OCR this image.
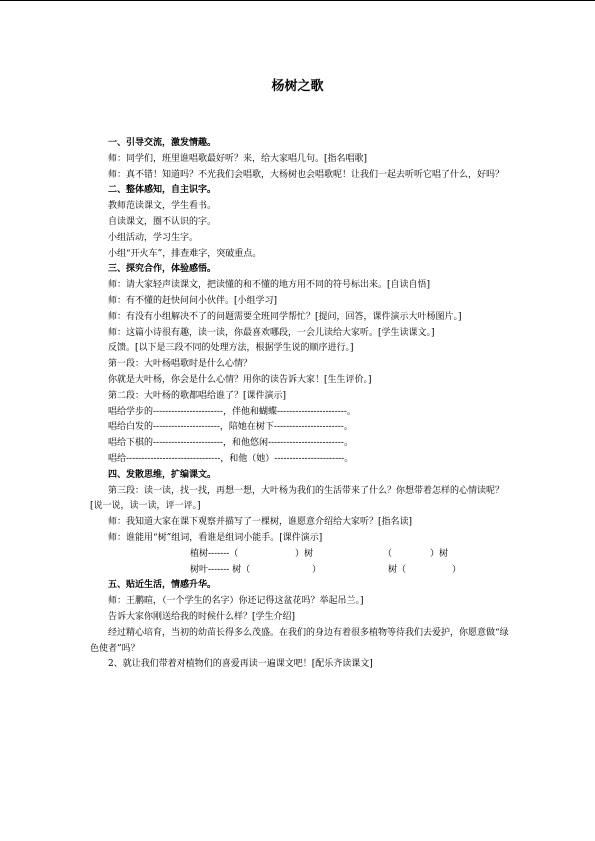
杨树之歌
一、引导交流，激发情趣。
师：同学们，班里谁唱歌最好听？来，给大家唱几句。[指名唱歌]
师：真不错！知道吗？不光我们会唱歌，大杨树也会唱歌呢！让我们一起去听听它唱了什么，好吗？
二、整体感知，自主识字。
教师范读课文，学生看书。
自读课文，圈不认识的字。
小组活动，学习生字。
小组“开火车”，排查难字，突破重点。
三、探究合作，体验感悟。
师：请大家轻声读课文，把读懂的和不懂的地方用不同的符号标出来。[自读自悟]
师：有不懂的赶快问问小伙伴。[小组学习]
师：有没有小组解决不了的问题需要全班同学帮忙？[提问，回答，课件演示大叶杨图片。]
师：这篇小诗很有趣，读一读，你最喜欢哪段，一会儿读给大家听。[学生读课文。]
反馈。[以下是三段不同的处理方法，根据学生说的顺序进行。]
第一段：大叶杨唱歌时是什么心情？
你就是大叶杨，你会是什么心情？用你的读告诉大家！[生生评价。]
第二段：大叶杨的歌都唱给谁了？[课件演示]
唱给学步的-----------------------，伴他和蝴蝶-----------------------。
唱给白发的----------------------，陪她在树下-----------------------。
唱给下棋的-----------------------，和他悠闲-------------------------。
唱给-------------------------------，和他（她）-----------------------。
四、发散思维，扩编课文。
第三段：读一读，找一找，再想一想，大叶杨为我们的生活带来了什么？你想带着怎样的心情读呢？[说一说，读一读，评一评。]
师：我知道大家在课下观察并描写了一棵树，谁愿意介绍给大家听？[指名读]
师：谁能用“树”组词，看谁是组词小能手。[课件演示]
植树-------（	）树	（	）树
树叶------- 树（	）	树（	）
五、贴近生活，情感升华。
师：王鹏暄，（一个学生的名字）你还记得这盆花吗？举起吊兰。]
告诉大家你刚送给我的时候什么样？[学生介绍]
经过精心培育，当初的幼苗长得多么茂盛。在我们的身边有着很多植物等待我们去爱护，你愿意做“绿色使者”吗？
2、就让我们带着对植物们的喜爱再读一遍课文吧！[配乐齐读课文]
